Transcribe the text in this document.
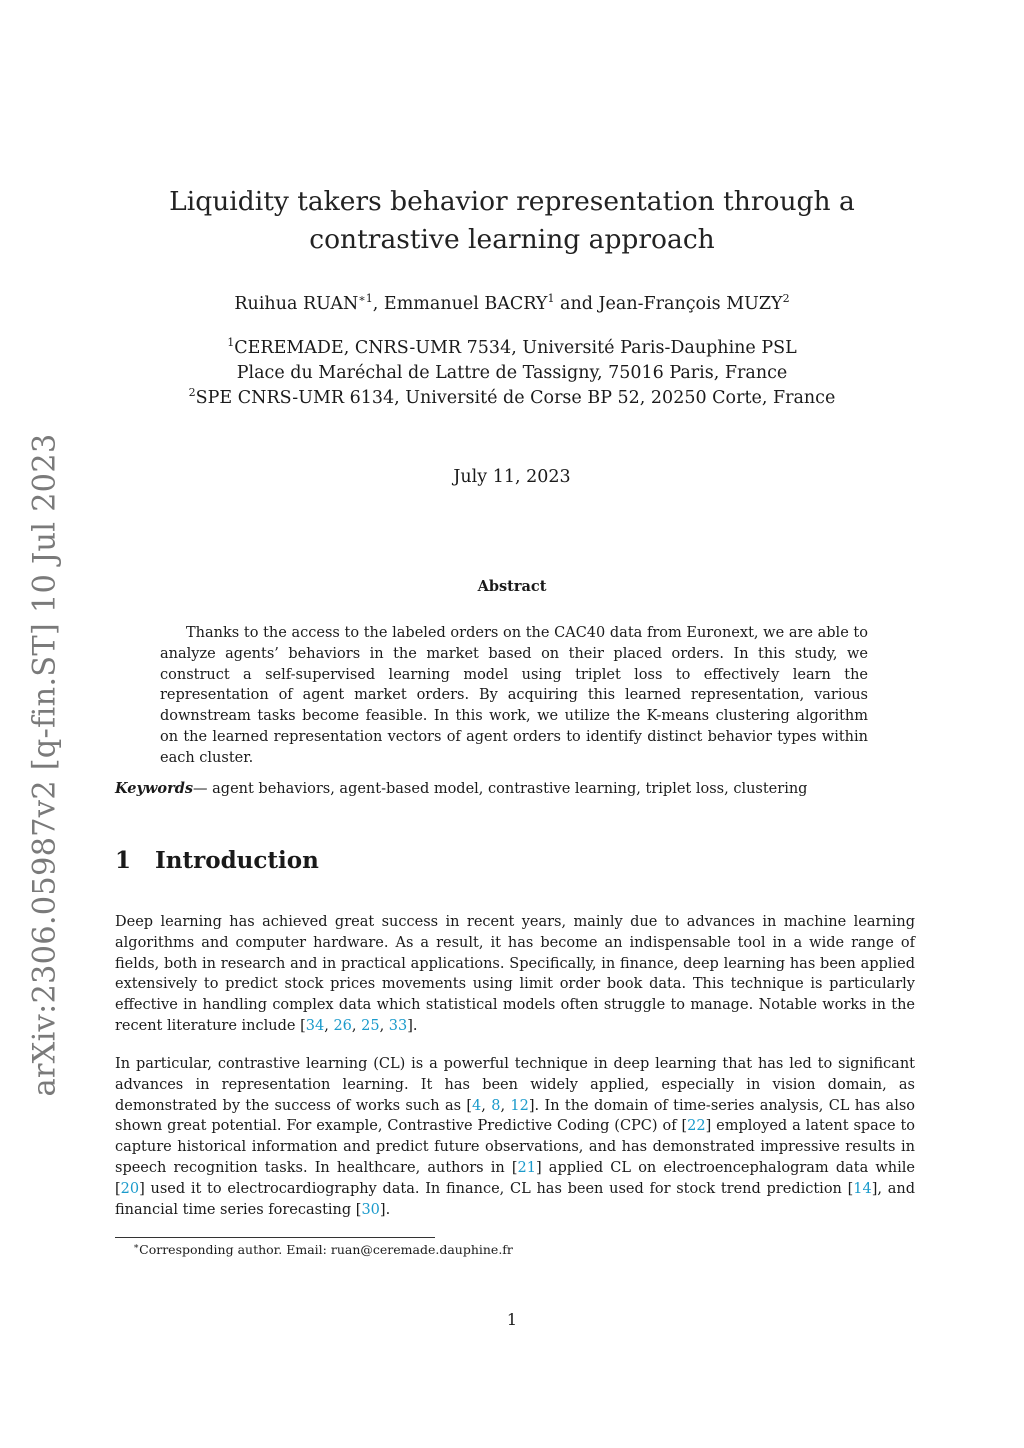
arXiv:2306.05987v2 [q-fin.ST] 10 Jul 2023
Liquidity takers behavior representation through a contrastive learning approach
Ruihua $RUAN^{∗1}$, Emmanuel BACRY$^1$ and Jean-François MUZY$^2$
$^1$CEREMADE, CNRS-UMR 7534, Université Paris-Dauphine PSL
Place du Maréchal de Lattre de Tassigny, 75016 Paris, France
$^2$SPE CNRS-UMR 6134, Université de Corse BP 52, 20250 Corte, France
July 11, 2023
Abstract

Thanks to the access to the labeled orders on the CAC40 data from Euronext, we are able to analyze agents’ behaviors in the market based on their placed orders. In this study, we construct a self-supervised learning model using triplet loss to effectively learn the representation of agent market orders. By acquiring this learned representation, various downstream tasks become feasible. In this work, we utilize the K-means clustering algorithm on the learned representation vectors of agent orders to identify distinct behavior types within each cluster.

Keywords— agent behaviors, agent-based model, contrastive learning, triplet loss, clustering
1 Introduction

Deep learning has achieved great success in recent years, mainly due to advances in machine learning algorithms and computer hardware. As a result, it has become an indispensable tool in a wide range of fields, both in research and in practical applications. Specifically, in finance, deep learning has been applied extensively to predict stock prices movements using limit order book data. This technique is particularly effective in handling complex data which statistical models often struggle to manage. Notable works in the recent literature include [34, 26, 25, 33].

In particular, contrastive learning (CL) is a powerful technique in deep learning that has led to significant advances in representation learning. It has been widely applied, especially in vision domain, as demonstrated by the success of works such as [4, 8, 12]. In the domain of time-series analysis, CL has also shown great potential. For example, Contrastive Predictive Coding (CPC) of [22] employed a latent space to capture historical information and predict future observations, and has demonstrated impressive results in speech recognition tasks. In healthcare, authors in [21] applied CL on electroencephalogram data while [20] used it to electrocardiography data. In finance, CL has been used for stock trend prediction [14], and financial time series forecasting [30].

∗Corresponding author. Email: ruan@ceremade.dauphine.fr
1
